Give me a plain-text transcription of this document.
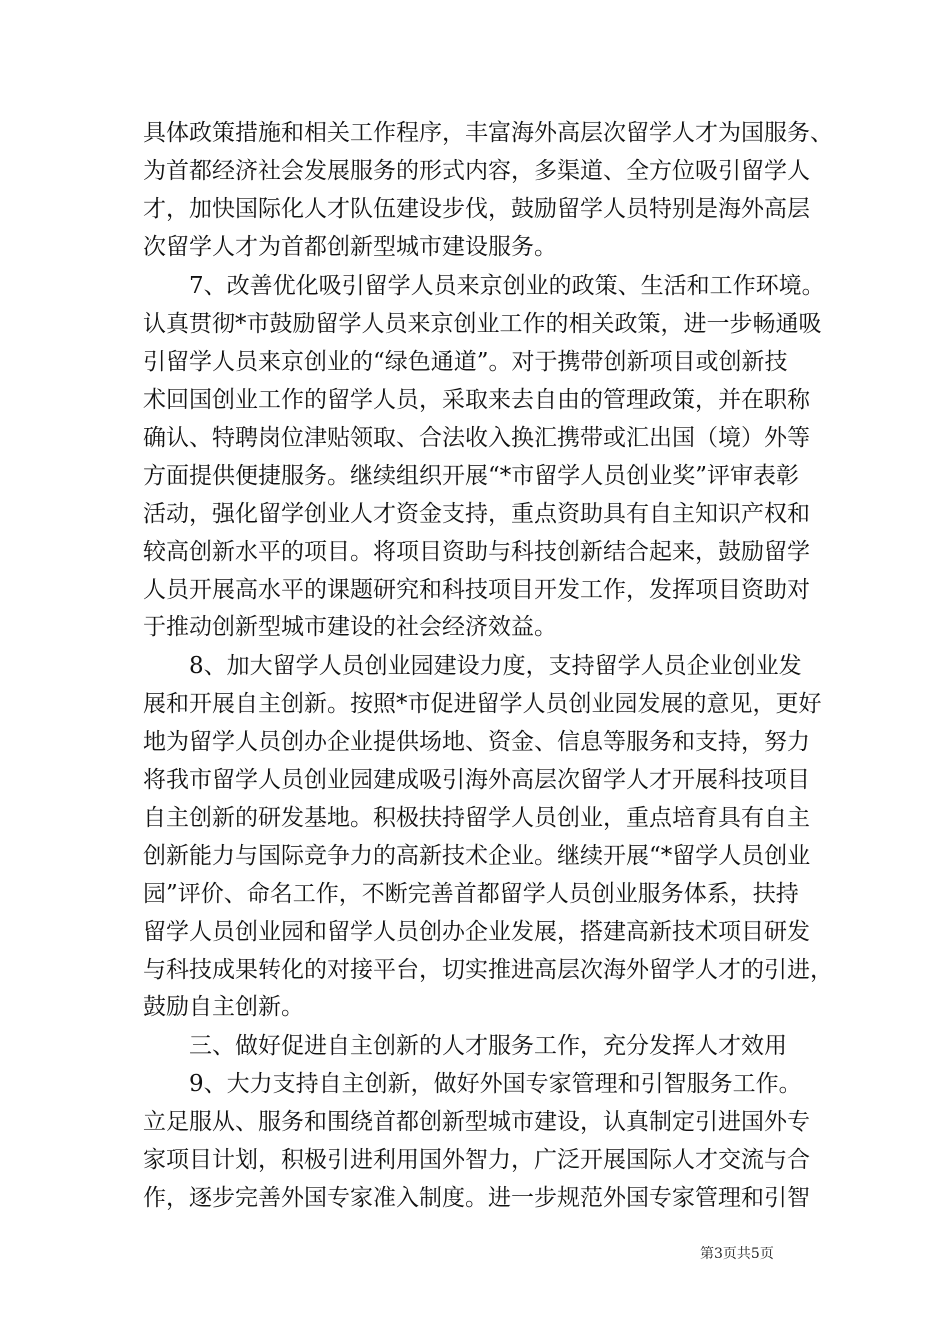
具体政策措施和相关工作程序，丰富海外高层次留学人才为国服务、
为首都经济社会发展服务的形式内容，多渠道、全方位吸引留学人
才，加快国际化人才队伍建设步伐，鼓励留学人员特别是海外高层
次留学人才为首都创新型城市建设服务。
　　7、改善优化吸引留学人员来京创业的政策、生活和工作环境。
认真贯彻*市鼓励留学人员来京创业工作的相关政策，进一步畅通吸
引留学人员来京创业的“绿色通道”。对于携带创新项目或创新技
术回国创业工作的留学人员，采取来去自由的管理政策，并在职称
确认、特聘岗位津贴领取、合法收入换汇携带或汇出国（境）外等
方面提供便捷服务。继续组织开展“*市留学人员创业奖”评审表彰
活动，强化留学创业人才资金支持，重点资助具有自主知识产权和
较高创新水平的项目。将项目资助与科技创新结合起来，鼓励留学
人员开展高水平的课题研究和科技项目开发工作，发挥项目资助对
于推动创新型城市建设的社会经济效益。
　　8、加大留学人员创业园建设力度，支持留学人员企业创业发
展和开展自主创新。按照*市促进留学人员创业园发展的意见，更好
地为留学人员创办企业提供场地、资金、信息等服务和支持，努力
将我市留学人员创业园建成吸引海外高层次留学人才开展科技项目
自主创新的研发基地。积极扶持留学人员创业，重点培育具有自主
创新能力与国际竞争力的高新技术企业。继续开展“*留学人员创业
园”评价、命名工作，不断完善首都留学人员创业服务体系，扶持
留学人员创业园和留学人员创办企业发展，搭建高新技术项目研发
与科技成果转化的对接平台，切实推进高层次海外留学人才的引进，
鼓励自主创新。
　　三、做好促进自主创新的人才服务工作，充分发挥人才效用
　　9、大力支持自主创新，做好外国专家管理和引智服务工作。
立足服从、服务和围绕首都创新型城市建设，认真制定引进国外专
家项目计划，积极引进利用国外智力，广泛开展国际人才交流与合
作，逐步完善外国专家准入制度。进一步规范外国专家管理和引智
第3页共5页
